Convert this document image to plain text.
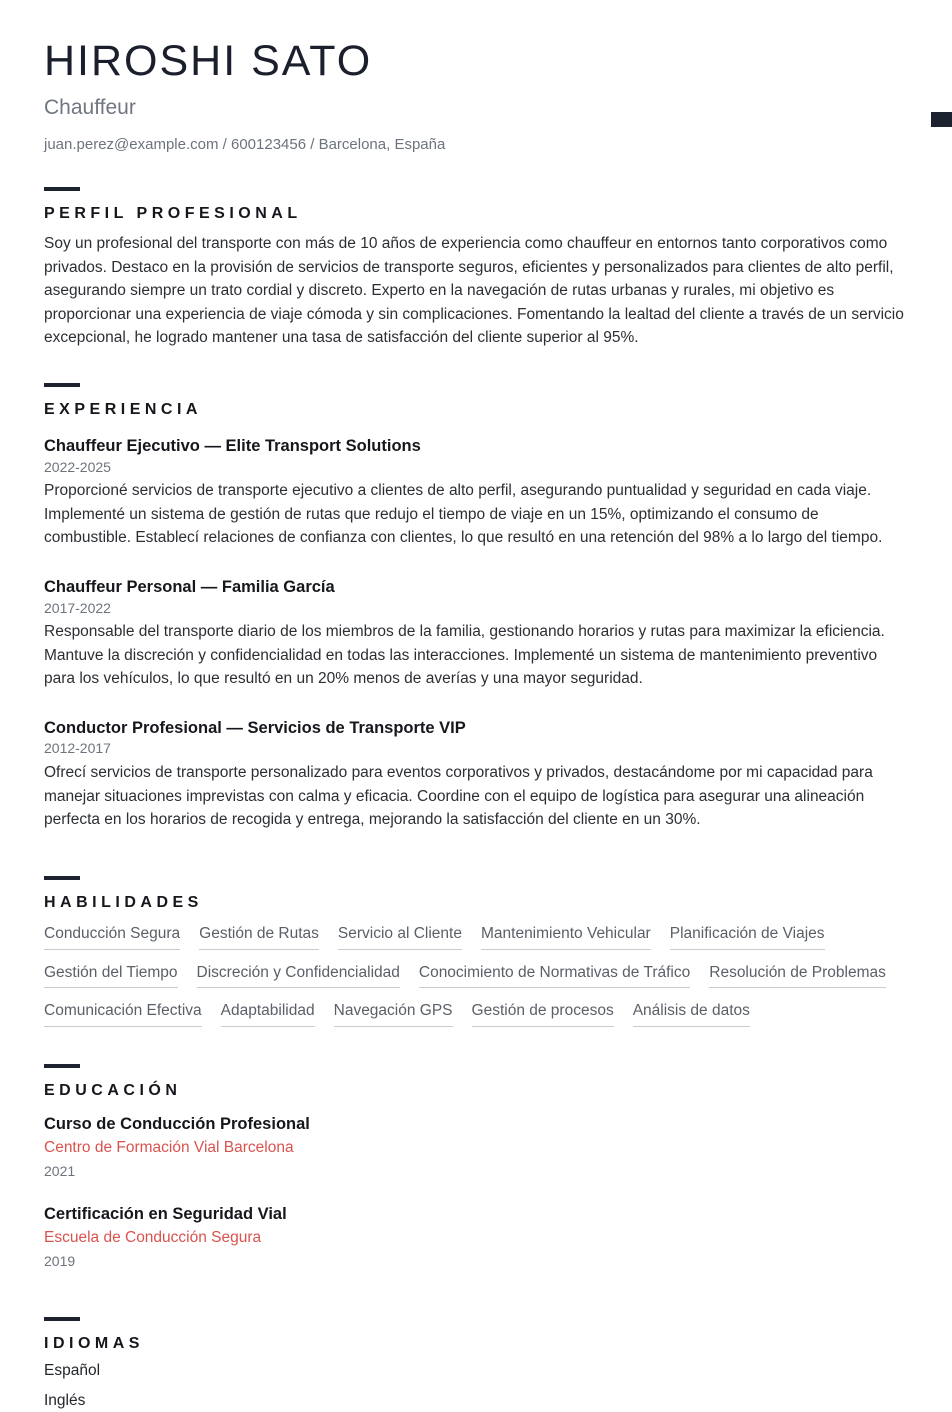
HIROSHI SATO
Chauffeur
juan.perez@example.com / 600123456 / Barcelona, España
PERFIL PROFESIONAL

Soy un profesional del transporte con más de 10 años de experiencia como chauffeur en entornos tanto corporativos como privados. Destaco en la provisión de servicios de transporte seguros, eficientes y personalizados para clientes de alto perfil, asegurando siempre un trato cordial y discreto. Experto en la navegación de rutas urbanas y rurales, mi objetivo es proporcionar una experiencia de viaje cómoda y sin complicaciones. Fomentando la lealtad del cliente a través de un servicio excepcional, he logrado mantener una tasa de satisfacción del cliente superior al 95%.

EXPERIENCIA
Chauffeur Ejecutivo — Elite Transport Solutions
2022-2025

Proporcioné servicios de transporte ejecutivo a clientes de alto perfil, asegurando puntualidad y seguridad en cada viaje. Implementé un sistema de gestión de rutas que redujo el tiempo de viaje en un 15%, optimizando el consumo de combustible. Establecí relaciones de confianza con clientes, lo que resultó en una retención del 98% a lo largo del tiempo.

Chauffeur Personal — Familia García
2017-2022

Responsable del transporte diario de los miembros de la familia, gestionando horarios y rutas para maximizar la eficiencia. Mantuve la discreción y confidencialidad en todas las interacciones. Implementé un sistema de mantenimiento preventivo para los vehículos, lo que resultó en un 20% menos de averías y una mayor seguridad.

Conductor Profesional — Servicios de Transporte VIP
2012-2017

Ofrecí servicios de transporte personalizado para eventos corporativos y privados, destacándome por mi capacidad para manejar situaciones imprevistas con calma y eficacia. Coordine con el equipo de logística para asegurar una alineación perfecta en los horarios de recogida y entrega, mejorando la satisfacción del cliente en un 30%.

HABILIDADES
Conducción Segura Gestión de Rutas Servicio al Cliente Mantenimiento Vehicular Planificación de Viajes
Gestión del Tiempo Discreción y Confidencialidad Conocimiento de Normativas de Tráfico Resolución de Problemas
Comunicación Efectiva Adaptabilidad Navegación GPS Gestión de procesos Análisis de datos
EDUCACIÓN
Curso de Conducción Profesional
Centro de Formación Vial Barcelona
2021
Certificación en Seguridad Vial
Escuela de Conducción Segura
2019
IDIOMAS
Español
Inglés
